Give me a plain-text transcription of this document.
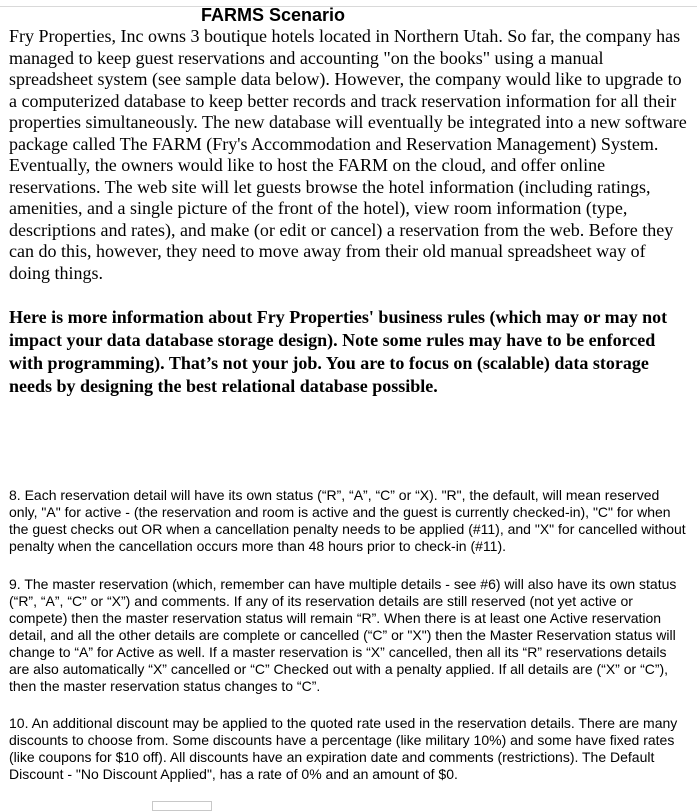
FARMS Scenario

Fry Properties, Inc owns 3 boutique hotels located in Northern Utah. So far, the company has managed to keep guest reservations and accounting "on the books" using a manual spreadsheet system (see sample data below). However, the company would like to upgrade to a computerized database to keep better records and track reservation information for all their properties simultaneously. The new database will eventually be integrated into a new software package called The FARM (Fry's Accommodation and Reservation Management) System. Eventually, the owners would like to host the FARM on the cloud, and offer online reservations. The web site will let guests browse the hotel information (including ratings, amenities, and a single picture of the front of the hotel), view room information (type, descriptions and rates), and make (or edit or cancel) a reservation from the web. Before they can do this, however, they need to move away from their old manual spreadsheet way of doing things.

Here is more information about Fry Properties' business rules (which may or may not impact your data database storage design). Note some rules may have to be enforced with programming). That’s not your job. You are to focus on (scalable) data storage needs by designing the best relational database possible.

8. Each reservation detail will have its own status (“R”, “A”, “C” or “X). "R", the default, will mean reserved only, "A" for active - (the reservation and room is active and the guest is currently checked-in), "C" for when the guest checks out OR when a cancellation penalty needs to be applied (#11), and "X" for cancelled without penalty when the cancellation occurs more than 48 hours prior to check-in (#11).

9. The master reservation (which, remember can have multiple details - see #6) will also have its own status (“R”, “A”, “C” or “X”) and comments. If any of its reservation details are still reserved (not yet active or compete) then the master reservation status will remain “R”. When there is at least one Active reservation detail, and all the other details are complete or cancelled (“C” or "X") then the Master Reservation status will change to “A” for Active as well. If a master reservation is “X” cancelled, then all its “R” reservations details are also automatically “X” cancelled or “C” Checked out with a penalty applied. If all details are (“X” or “C”), then the master reservation status changes to “C”.

10. An additional discount may be applied to the quoted rate used in the reservation details. There are many discounts to choose from. Some discounts have a percentage (like military 10%) and some have fixed rates (like coupons for $10 off). All discounts have an expiration date and comments (restrictions). The Default Discount - "No Discount Applied", has a rate of 0% and an amount of $0.
